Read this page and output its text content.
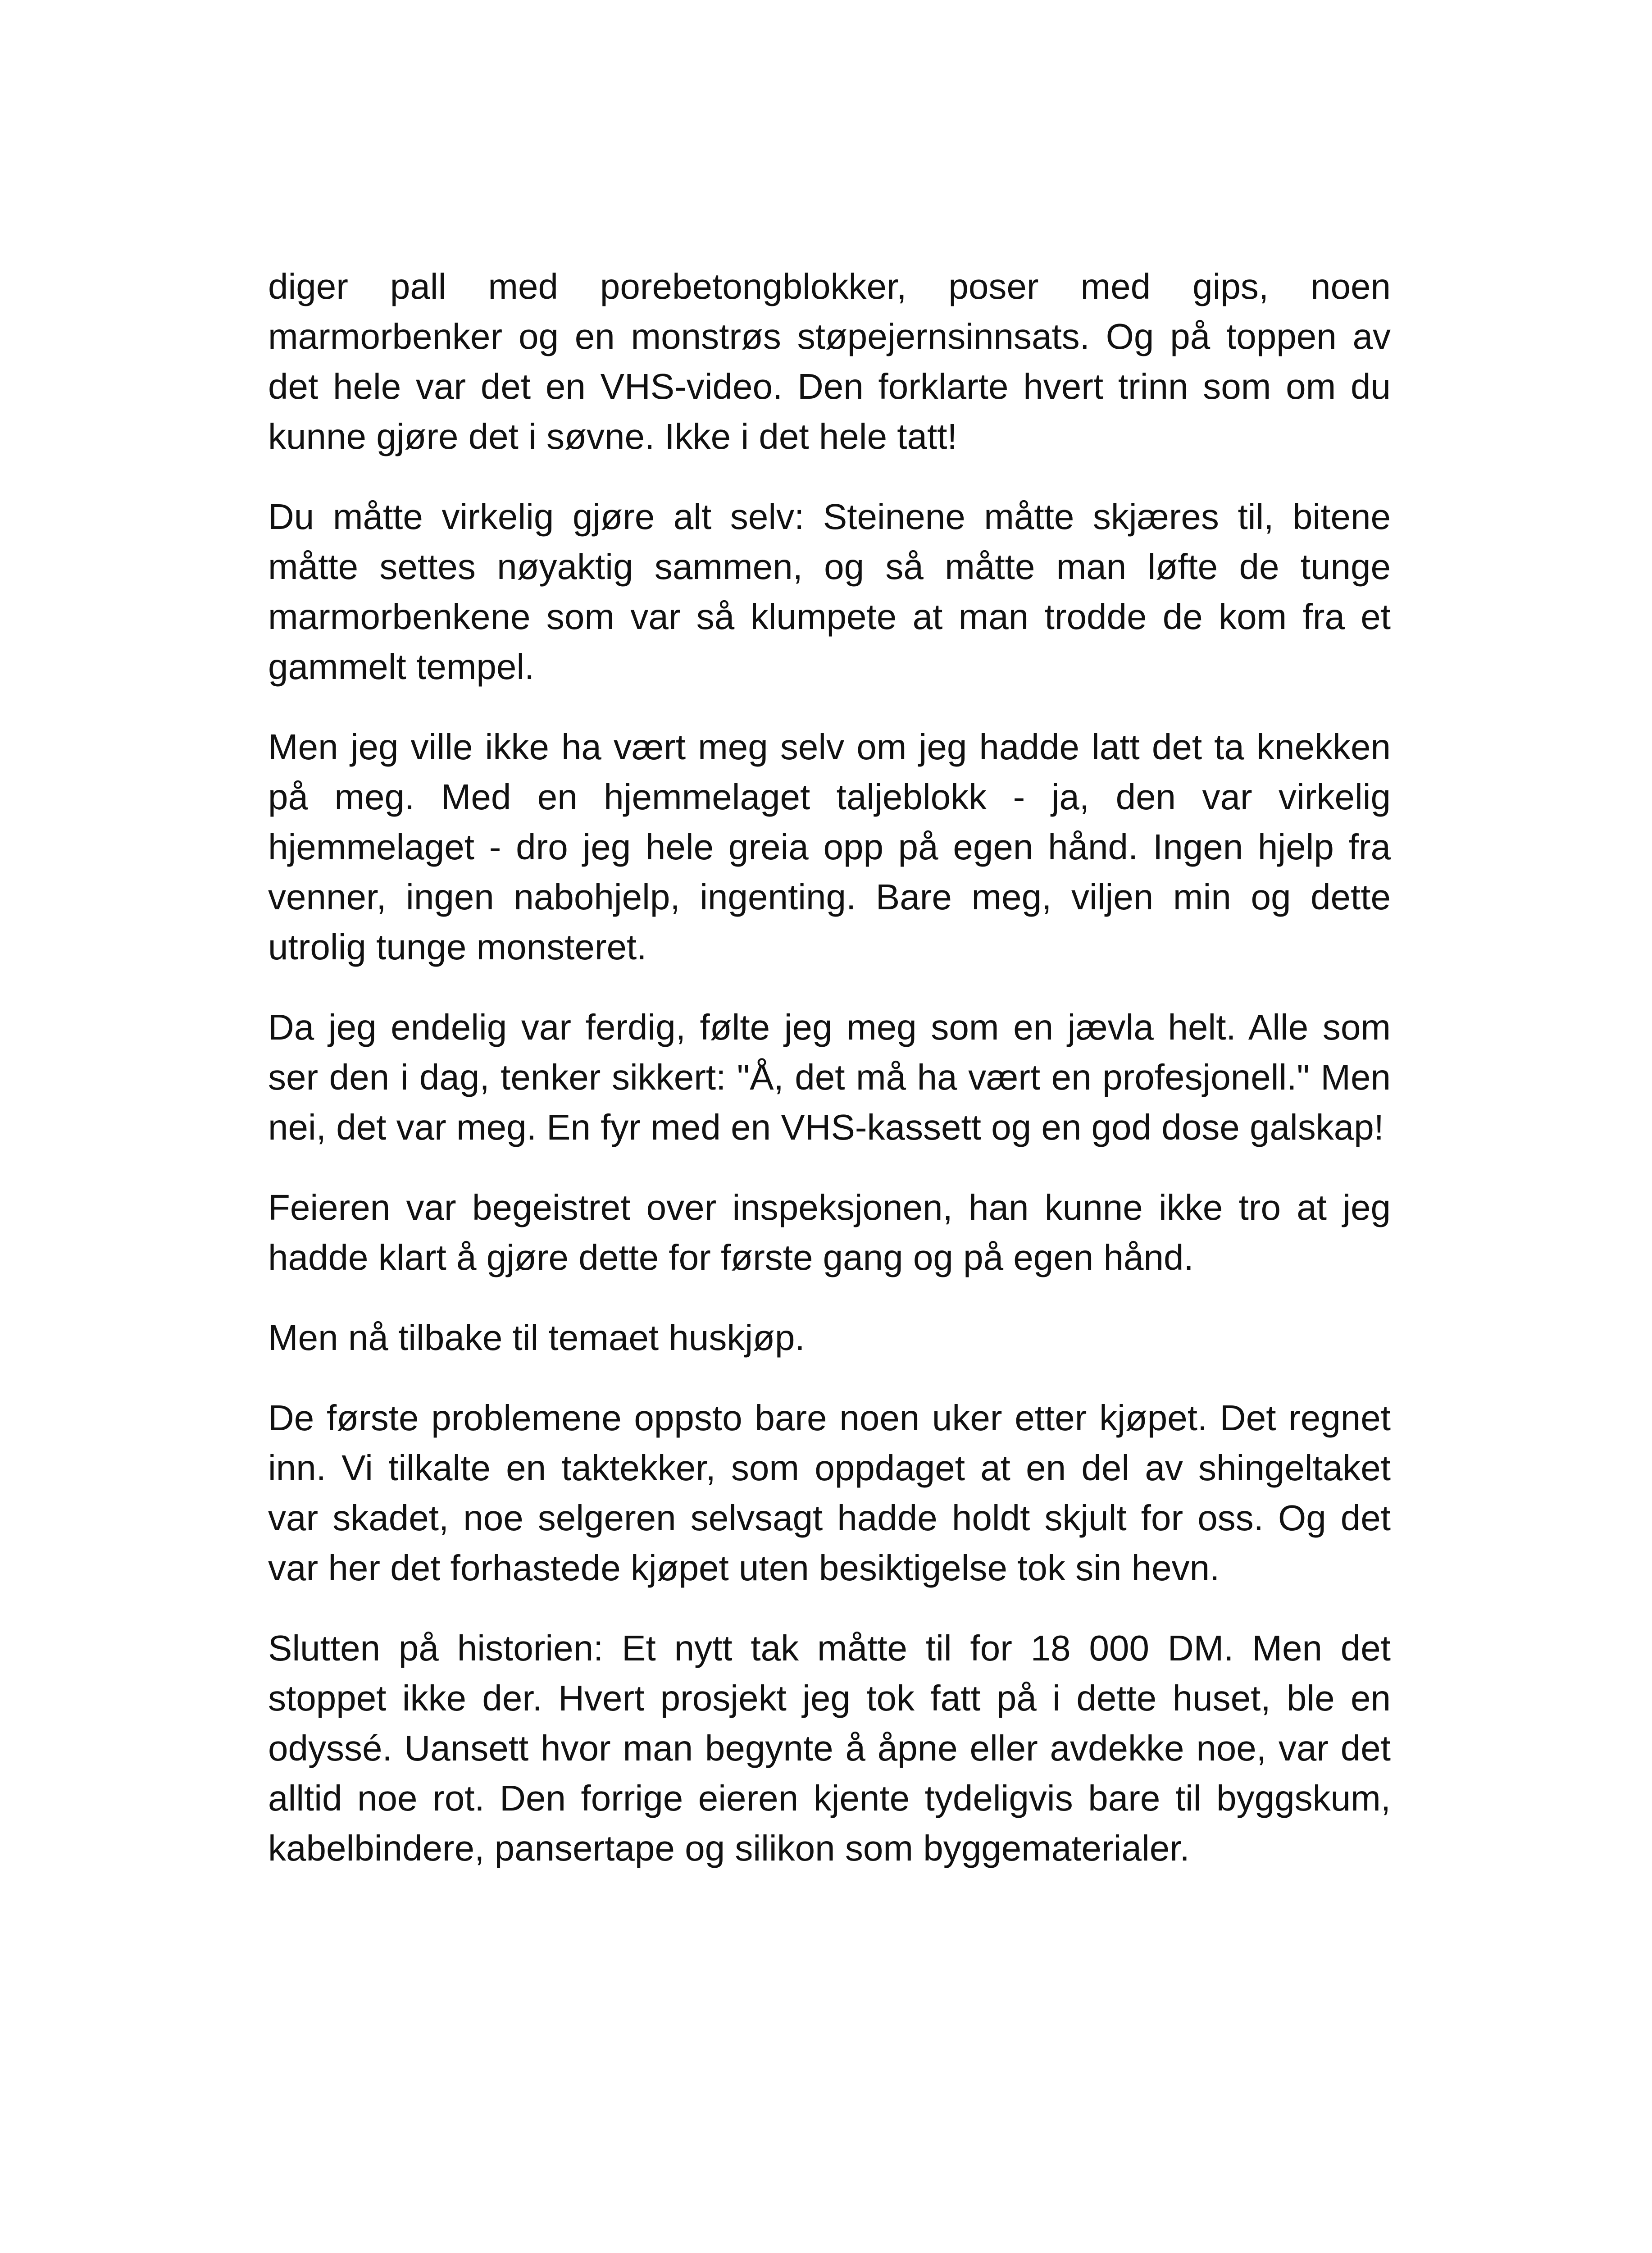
diger pall med porebetongblokker, poser med gips, noen marmorbenker og en monstrøs støpejernsinnsats. Og på toppen av det hele var det en VHS-video. Den forklarte hvert trinn som om du kunne gjøre det i søvne. Ikke i det hele tatt!

Du måtte virkelig gjøre alt selv: Steinene måtte skjæres til, bitene måtte settes nøyaktig sammen, og så måtte man løfte de tunge marmorbenkene som var så klumpete at man trodde de kom fra et gammelt tempel.

Men jeg ville ikke ha vært meg selv om jeg hadde latt det ta knekken på meg. Med en hjemmelaget taljeblokk - ja, den var virkelig hjemmelaget - dro jeg hele greia opp på egen hånd. Ingen hjelp fra venner, ingen nabohjelp, ingenting. Bare meg, viljen min og dette utrolig tunge monsteret.

Da jeg endelig var ferdig, følte jeg meg som en jævla helt. Alle som ser den i dag, tenker sikkert: "Å, det må ha vært en profesjonell." Men nei, det var meg. En fyr med en VHS-kassett og en god dose galskap!

Feieren var begeistret over inspeksjonen, han kunne ikke tro at jeg hadde klart å gjøre dette for første gang og på egen hånd.

Men nå tilbake til temaet huskjøp.

De første problemene oppsto bare noen uker etter kjøpet. Det regnet inn. Vi tilkalte en taktekker, som oppdaget at en del av shingeltaket var skadet, noe selgeren selvsagt hadde holdt skjult for oss. Og det var her det forhastede kjøpet uten besiktigelse tok sin hevn.

Slutten på historien: Et nytt tak måtte til for 18 000 DM. Men det stoppet ikke der. Hvert prosjekt jeg tok fatt på i dette huset, ble en odyssé. Uansett hvor man begynte å åpne eller avdekke noe, var det alltid noe rot. Den forrige eieren kjente tydeligvis bare til byggskum, kabelbindere, pansertape og silikon som byggematerialer.
